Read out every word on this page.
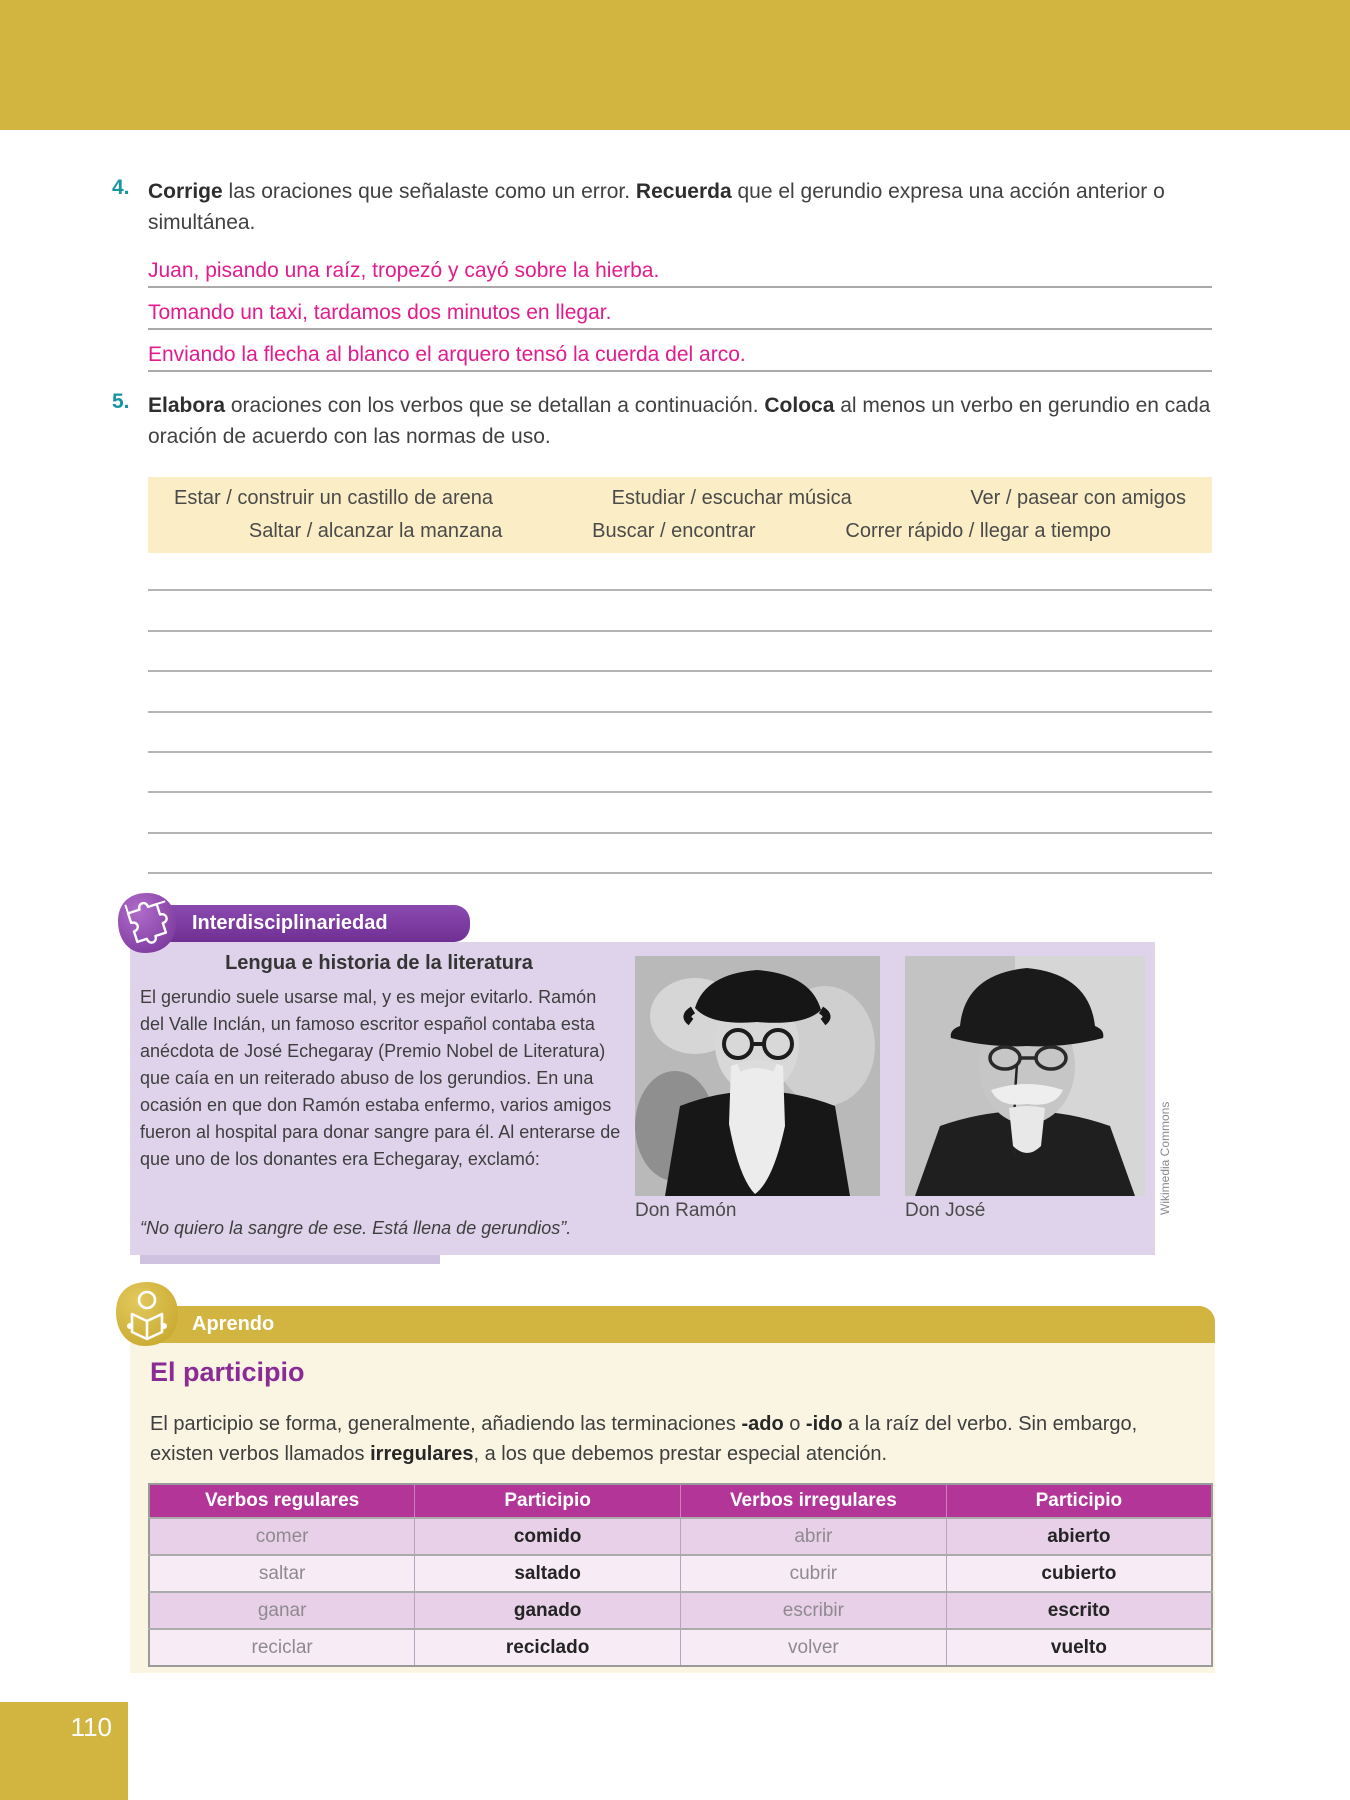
4. Corrige las oraciones que señalaste como un error. Recuerda que el gerundio expresa una acción anterior o simultánea.

Juan, pisando una raíz, tropezó y cayó sobre la hierba.
Tomando un taxi, tardamos dos minutos en llegar.
Enviando la flecha al blanco el arquero tensó la cuerda del arco.
5. Elabora oraciones con los verbos que se detallan a continuación. Coloca al menos un verbo en gerundio en cada oración de acuerdo con las normas de uso.

Estar / construir un castillo de arena	Estudiar / escuchar música	Ver / pasear con amigos
Saltar / alcanzar la manzana	Buscar / encontrar	Correr rápido / llegar a tiempo
Interdisciplinariedad
Lengua e historia de la literatura

El gerundio suele usarse mal, y es mejor evitarlo. Ramón del Valle Inclán, un famoso escritor español contaba esta anécdota de José Echegaray (Premio Nobel de Literatura) que caía en un reiterado abuso de los gerundios. En una ocasión en que don Ramón estaba enfermo, varios amigos fueron al hospital para donar sangre para él. Al enterarse de que uno de los donantes era Echegaray, exclamó:

“No quiero la sangre de ese. Está llena de gerundios”.

Don Ramón	Don José	Wikimedia Commons
Aprendo
El participio

El participio se forma, generalmente, añadiendo las terminaciones -ado o -ido a la raíz del verbo. Sin embargo, existen verbos llamados irregulares, a los que debemos prestar especial atención.

Verbos regulares	Participio	Verbos irregulares	Participio
comer	comido	abrir	abierto
saltar	saltado	cubrir	cubierto
ganar	ganado	escribir	escrito
reciclar	reciclado	volver	vuelto
110
